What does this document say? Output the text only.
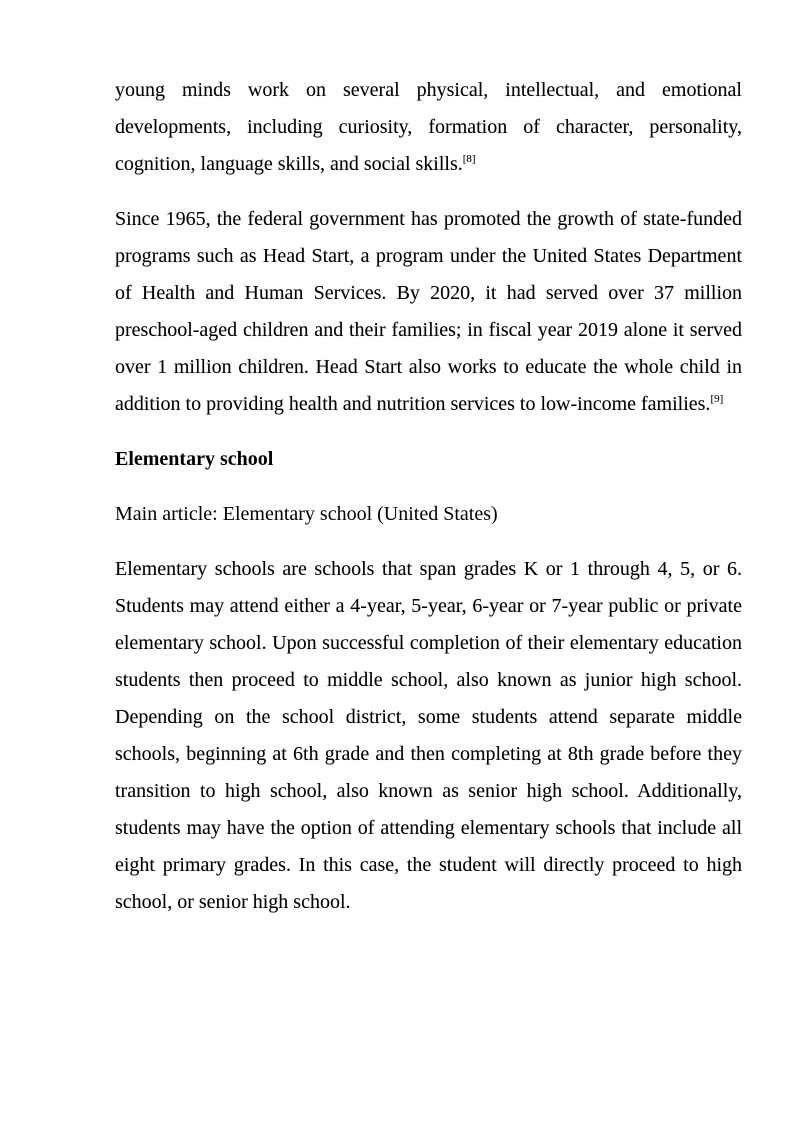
young minds work on several physical, intellectual, and emotional developments, including curiosity, formation of character, personality, cognition, language skills, and social skills.[8]

Since 1965, the federal government has promoted the growth of state-funded programs such as Head Start, a program under the United States Department of Health and Human Services. By 2020, it had served over 37 million preschool-aged children and their families; in fiscal year 2019 alone it served over 1 million children. Head Start also works to educate the whole child in addition to providing health and nutrition services to low-income families.[9]

Elementary school

Main article: Elementary school (United States)

Elementary schools are schools that span grades K or 1 through 4, 5, or 6. Students may attend either a 4-year, 5-year, 6-year or 7-year public or private elementary school. Upon successful completion of their elementary education students then proceed to middle school, also known as junior high school. Depending on the school district, some students attend separate middle schools, beginning at 6th grade and then completing at 8th grade before they transition to high school, also known as senior high school. Additionally, students may have the option of attending elementary schools that include all eight primary grades. In this case, the student will directly proceed to high school, or senior high school.
